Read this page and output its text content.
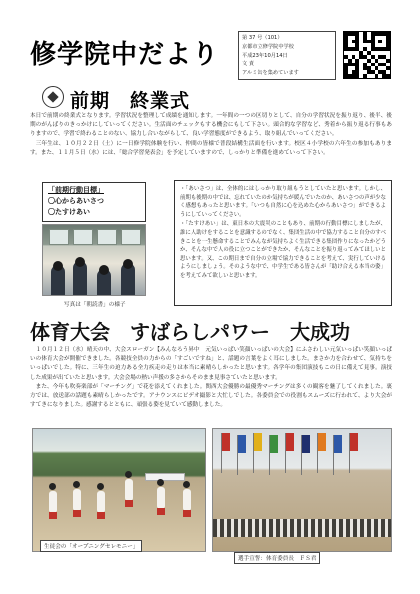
修学院中だより
第 37 号（101）
京都市立修学院中学校
平成23年10月14日
文 責
アルミ缶を集めています
前期　終業式
本日で前期の終業式となります。学習状況を整理して成績を通知します。一年間の一つの区切りとして、自分の学習状況を振り返り、後半、後期のがんばりのきっかけにしていってください。生活面のチェックもする機会にもして下さい。頭合的な学習など、秀着から振り返る行事もありますので、学習で終わることのない、協力し合いながらして、良い学習態度ができるよう、取り組んでいってください。
　三年生は、１０月２２日（土）に一日修学院体験を行い、仲間の皆様で普段結構生活面を行います。校区４小学校の六年生の参加もあります。また、１１月５日（水）には、「総合学習発表会」を予定していますので、しっかりと準備を進めていって下さい。
「前期行動目標」
〇心からあいさつ
〇たすけあい
写真は「朝読書」の様子

・「あいさつ」は、全体的にはしっかり取り組もうとしていたと思います。しかし、前期も後期の中では、忘れていたのか気持ちが緩んでいたのか、あいさつの声が少なく感想もあったと思います。「いつも自然に心を込めた心からあいさつ」ができるようにしていってください。

・「たすけあい」は、東日本の大震災のこともあり、前期の行動目標にしましたが、誰に人助けをすることを意識するのでなく、集団生活の中で協力すること自分のすべきことを一生懸命することでみんなが気持ちよく生活できる集団作りになったかどうか、そんな中で人の役に立つことができたか、そんなことを振り返ってみてほしいと思います。又、この期日まで自分の立場で協力できることを考えて、実行していけるようにしましょう。そのような中で、中学生である皆さんが「助け合える本当の姿」を考えてみて欲しいと思います。

体育大会　すばらしパワー　大成功
　１０月１２日（水）晴天の中、大会スローガン【みんなろう昇中　元気いっぱい笑顔いっぱいの大会】にふさわしい元気いっぱい笑顔いっぱいの体育大会が開催できました。各競技全員の力からの「すごいですね」と、話題の言葉をよく耳にしました。まさか力を合わせて、気持ちをいっぱいでした。特に、三年生の迫力ある全力疾走の走りは本当に素晴らしかったと思います。各学年の集団演技もこの日に備えて見事。演技した成果が出ていたと思います。大会会場の熱い声援の多さからそのまま見事さていたと思います。
　また、今年も吹奏楽部が「マーチング」で花を添えてくれました。関西大会優勝の最優秀マーチングは多くの観客を魅了してくれました。裏方では、放送部の話題も素晴らしかったです。アナウンスにビデオ撮影と大忙しでした。各委員会での役割もスムーズに行われて、より大会がすてきになりました。感謝するとともに、頑張る姿を見ていて感動しました。
生徒会の「オープニングセレモニー」
選手宣誓：体育委員長　ＦＳ君
